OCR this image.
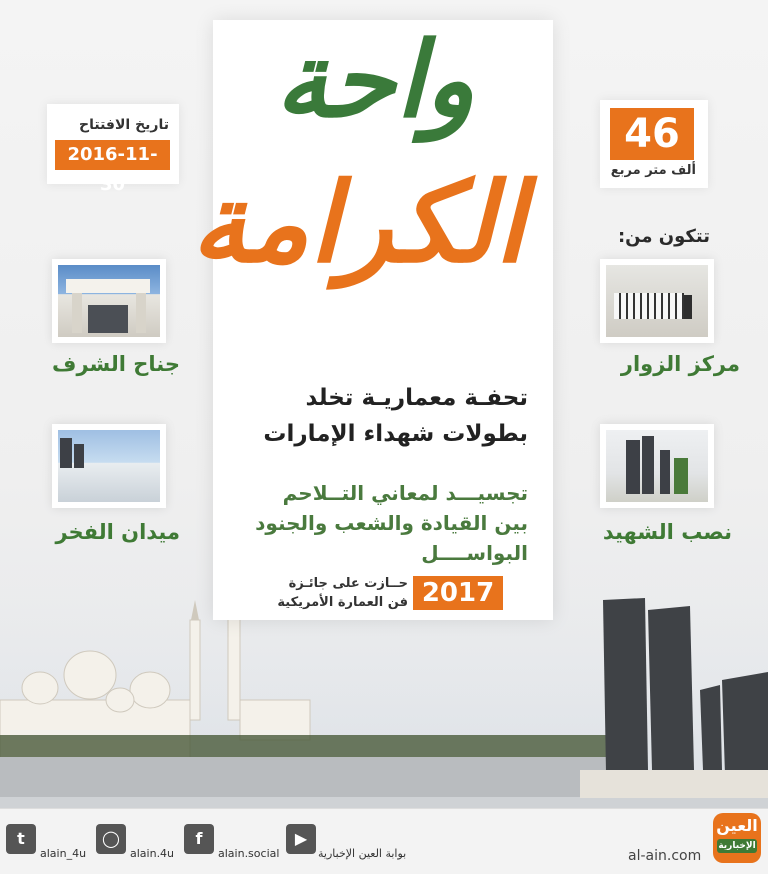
واحة
الكرامة
تحفـة معماريـة تخلد
بطولات شهداء الإمارات
تجسيـــد لمعاني التــلاحم
بين القيادة والشعب والجنود
البواســــل
2017
حــازت على جائـزة
فن العمارة الأمريكية
تاريخ الافتتاح
2016-11-30
46
ألف متر مربع
تتكون من:
جناح الشرف
ميدان الفخر
مركز الزوار
نصب الشهيد
t
alain_4u
◯
alain.4u
f
alain.social
▶
بوابة العين الإخبارية	al-ain.com
العين
الإخبارية
